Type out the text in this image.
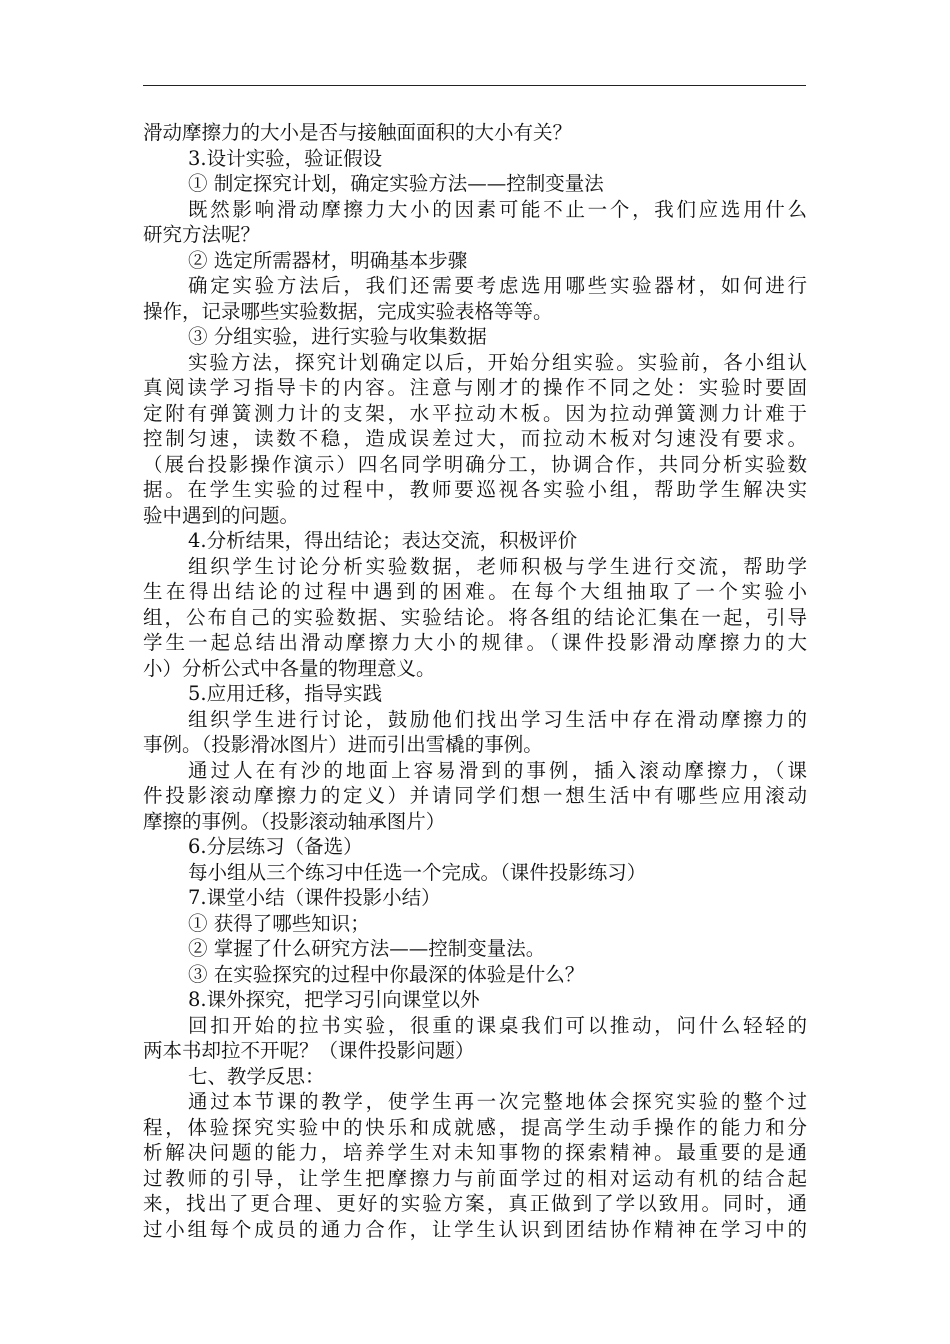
滑动摩擦力的大小是否与接触面面积的大小有关？
3.设计实验，验证假设
① 制定探究计划，确定实验方法——控制变量法
既然影响滑动摩擦力大小的因素可能不止一个，我们应选用什么
研究方法呢？
② 选定所需器材，明确基本步骤
确定实验方法后，我们还需要考虑选用哪些实验器材，如何进行
操作，记录哪些实验数据，完成实验表格等等。
③ 分组实验，进行实验与收集数据
实验方法，探究计划确定以后，开始分组实验。实验前，各小组认
真阅读学习指导卡的内容。注意与刚才的操作不同之处：实验时要固
定附有弹簧测力计的支架，水平拉动木板。因为拉动弹簧测力计难于
控制匀速，读数不稳，造成误差过大，而拉动木板对匀速没有要求。
（展台投影操作演示）四名同学明确分工，协调合作，共同分析实验数
据。在学生实验的过程中，教师要巡视各实验小组，帮助学生解决实
验中遇到的问题。
4.分析结果，得出结论；表达交流，积极评价
组织学生讨论分析实验数据，老师积极与学生进行交流，帮助学
生在得出结论的过程中遇到的困难。在每个大组抽取了一个实验小
组，公布自己的实验数据、实验结论。将各组的结论汇集在一起，引导
学生一起总结出滑动摩擦力大小的规律。（课件投影滑动摩擦力的大
小）分析公式中各量的物理意义。
5.应用迁移，指导实践
组织学生进行讨论，鼓励他们找出学习生活中存在滑动摩擦力的
事例。（投影滑冰图片）进而引出雪橇的事例。
通过人在有沙的地面上容易滑到的事例，插入滚动摩擦力，（课
件投影滚动摩擦力的定义）并请同学们想一想生活中有哪些应用滚动
摩擦的事例。（投影滚动轴承图片）
6.分层练习（备选）
每小组从三个练习中任选一个完成。（课件投影练习）
7.课堂小结（课件投影小结）
① 获得了哪些知识；
② 掌握了什么研究方法——控制变量法。
③ 在实验探究的过程中你最深的体验是什么？
8.课外探究，把学习引向课堂以外
回扣开始的拉书实验，很重的课桌我们可以推动，问什么轻轻的
两本书却拉不开呢？（课件投影问题）
七、教学反思：
通过本节课的教学，使学生再一次完整地体会探究实验的整个过
程，体验探究实验中的快乐和成就感，提高学生动手操作的能力和分
析解决问题的能力，培养学生对未知事物的探索精神。最重要的是通
过教师的引导，让学生把摩擦力与前面学过的相对运动有机的结合起
来，找出了更合理、更好的实验方案，真正做到了学以致用。同时，通
过小组每个成员的通力合作，让学生认识到团结协作精神在学习中的
